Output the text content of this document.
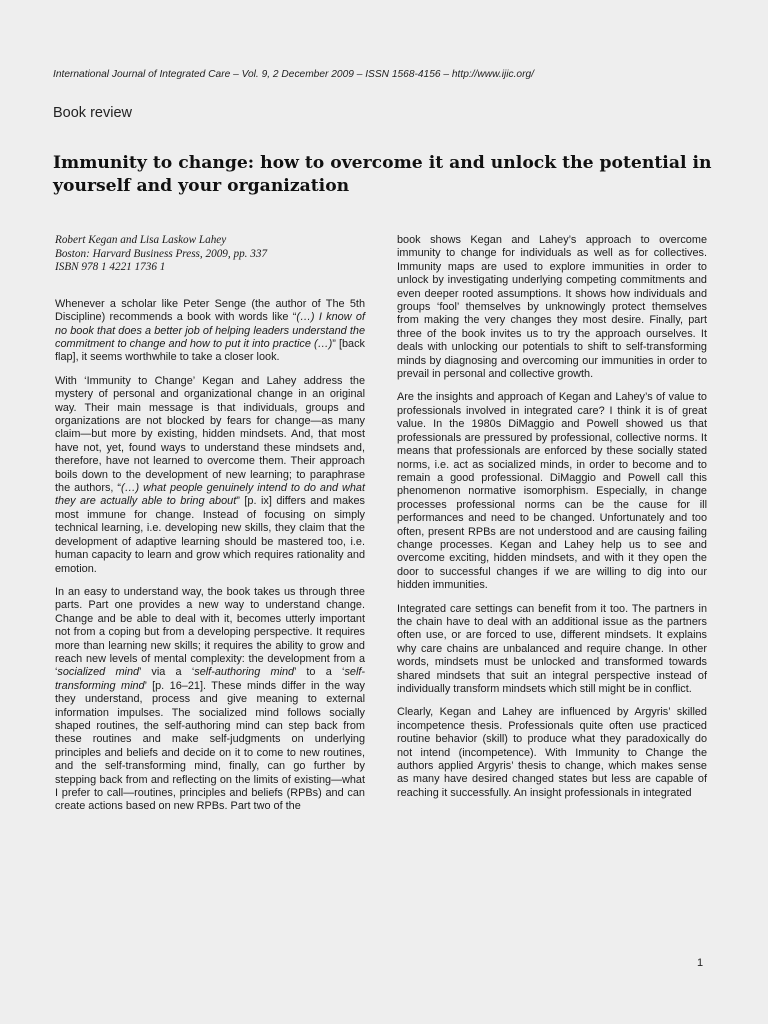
International Journal of Integrated Care – Vol. 9, 2 December 2009 – ISSN 1568-4156 – http://www.ijic.org/
Book review
Immunity to change: how to overcome it and unlock the potential in yourself and your organization
Robert Kegan and Lisa Laskow Lahey
Boston: Harvard Business Press, 2009, pp. 337
ISBN 978 1 4221 1736 1

Whenever a scholar like Peter Senge (the author of The 5th Discipline) recommends a book with words like “(…) I know of no book that does a better job of helping leaders understand the commitment to change and how to put it into practice (…)” [back flap], it seems worthwhile to take a closer look.

With ‘Immunity to Change’ Kegan and Lahey address the mystery of personal and organizational change in an original way. Their main message is that individuals, groups and organizations are not blocked by fears for change—as many claim—but more by existing, hidden mindsets. And, that most have not, yet, found ways to understand these mindsets and, therefore, have not learned to overcome them. Their approach boils down to the development of new learning; to paraphrase the authors, “(…) what people genuinely intend to do and what they are actually able to bring about” [p. ix] differs and makes most immune for change. Instead of focusing on simply technical learning, i.e. developing new skills, they claim that the development of adaptive learning should be mastered too, i.e. human capacity to learn and grow which requires rationality and emotion.

In an easy to understand way, the book takes us through three parts. Part one provides a new way to understand change. Change and be able to deal with it, becomes utterly important not from a coping but from a developing perspective. It requires more than learning new skills; it requires the ability to grow and reach new levels of mental complexity: the development from a ‘socialized mind’ via a ‘self-authoring mind’ to a ‘self-transforming mind’ [p. 16–21]. These minds differ in the way they understand, process and give meaning to external information impulses. The socialized mind follows socially shaped routines, the self-authoring mind can step back from these routines and make self-judgments on underlying principles and beliefs and decide on it to come to new routines, and the self-transforming mind, finally, can go further by stepping back from and reflecting on the limits of existing—what I prefer to call—routines, principles and beliefs (RPBs) and can create actions based on new RPBs. Part two of the

book shows Kegan and Lahey’s approach to overcome immunity to change for individuals as well as for collectives. Immunity maps are used to explore immunities in order to unlock by investigating underlying competing commitments and even deeper rooted assumptions. It shows how individuals and groups ‘fool’ themselves by unknowingly protect themselves from making the very changes they most desire. Finally, part three of the book invites us to try the approach ourselves. It deals with unlocking our potentials to shift to self-transforming minds by diagnosing and overcoming our immunities in order to prevail in personal and collective growth.

Are the insights and approach of Kegan and Lahey’s of value to professionals involved in integrated care? I think it is of great value. In the 1980s DiMaggio and Powell showed us that professionals are pressured by professional, collective norms. It means that professionals are enforced by these socially stated norms, i.e. act as socialized minds, in order to become and to remain a good professional. DiMaggio and Powell call this phenomenon normative isomorphism. Especially, in change processes professional norms can be the cause for ill performances and need to be changed. Unfortunately and too often, present RPBs are not understood and are causing failing change processes. Kegan and Lahey help us to see and overcome exciting, hidden mindsets, and with it they open the door to successful changes if we are willing to dig into our hidden immunities.

Integrated care settings can benefit from it too. The partners in the chain have to deal with an additional issue as the partners often use, or are forced to use, different mindsets. It explains why care chains are unbalanced and require change. In other words, mindsets must be unlocked and transformed towards shared mindsets that suit an integral perspective instead of individually transform mindsets which still might be in conflict.

Clearly, Kegan and Lahey are influenced by Argyris’ skilled incompetence thesis. Professionals quite often use practiced routine behavior (skill) to produce what they paradoxically do not intend (incompetence). With Immunity to Change the authors applied Argyris’ thesis to change, which makes sense as many have desired changed states but less are capable of reaching it successfully. An insight professionals in integrated

1
